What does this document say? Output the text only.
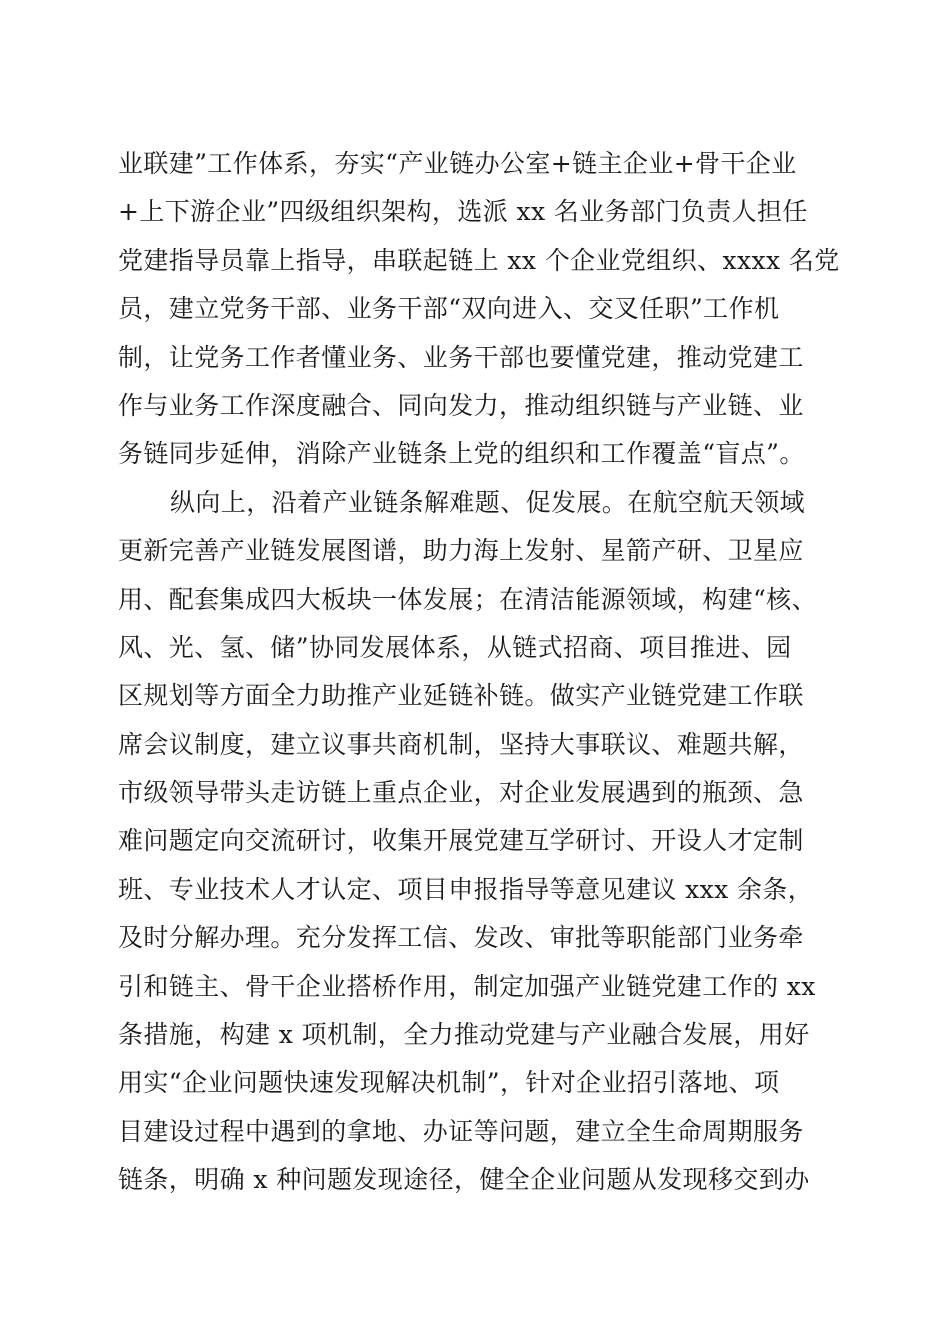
业联建”工作体系，夯实“产业链办公室+链主企业+骨干企业
+上下游企业”四级组织架构，选派 xx 名业务部门负责人担任
党建指导员靠上指导，串联起链上 xx 个企业党组织、xxxx 名党
员，建立党务干部、业务干部“双向进入、交叉任职”工作机
制，让党务工作者懂业务、业务干部也要懂党建，推动党建工
作与业务工作深度融合、同向发力，推动组织链与产业链、业
务链同步延伸，消除产业链条上党的组织和工作覆盖“盲点”。
纵向上，沿着产业链条解难题、促发展。在航空航天领域
更新完善产业链发展图谱，助力海上发射、星箭产研、卫星应
用、配套集成四大板块一体发展；在清洁能源领域，构建“核、
风、光、氢、储”协同发展体系，从链式招商、项目推进、园
区规划等方面全力助推产业延链补链。做实产业链党建工作联
席会议制度，建立议事共商机制，坚持大事联议、难题共解，
市级领导带头走访链上重点企业，对企业发展遇到的瓶颈、急
难问题定向交流研讨，收集开展党建互学研讨、开设人才定制
班、专业技术人才认定、项目申报指导等意见建议 xxx 余条，
及时分解办理。充分发挥工信、发改、审批等职能部门业务牵
引和链主、骨干企业搭桥作用，制定加强产业链党建工作的 xx
条措施，构建 x 项机制，全力推动党建与产业融合发展，用好
用实“企业问题快速发现解决机制”，针对企业招引落地、项
目建设过程中遇到的拿地、办证等问题，建立全生命周期服务
链条，明确 x 种问题发现途径，健全企业问题从发现移交到办
